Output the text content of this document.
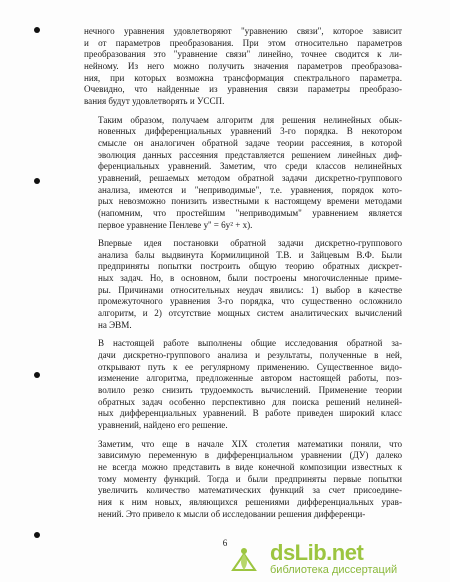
нечного уравнения удовлетворяют "уравнению связи", которое зависит
и от параметров преобразования. При этом относительно параметров
преобразования это "уравнение связи" линейно, точнее сводится к ли-
нейному. Из него можно получить значения параметров преобразова-
ния, при которых возможна трансформация спектрального параметра.
Очевидно, что найденные из уравнения связи параметры преобразо-
вания будут удовлетворять и УССП.

Таким образом, получаем алгоритм для решения нелинейных обык-
новенных дифференциальных уравнений 3-го порядка. В некотором
смысле он аналогичен обратной задаче теории рассеяния, в которой
эволюция данных рассеяния представляется решением линейных диф-
ференциальных уравнений. Заметим, что среди классов нелинейных
уравнений, решаемых методом обратной задачи дискретно-группового
анализа, имеются и "неприводимые", т.е. уравнения, порядок кото-
рых невозможно понизить известными к настоящему времени методами
(напомним, что простейшим "неприводимым" уравнением является
первое уравнение Пенлеве y'' = 6y² + x).

Впервые идея постановки обратной задачи дискретно-группового
анализа балы выдвинута Кормилициной Т.В. и Зайцевым В.Ф. Были
предприняты попытки построить общую теорию обратных дискрет-
ных задач. Но, в основном, были построены многочисленные приме-
ры. Причинами относительных неудач явились: 1) выбор в качестве
промежуточного уравнения 3-го порядка, что существенно осложнило
алгоритм, и 2) отсутствие мощных систем аналитических вычислений
на ЭВМ.

В настоящей работе выполнены общие исследования обратной за-
дачи дискретно-группового анализа и результаты, полученные в ней,
открывают путь к ее регулярному применению. Существенное видо-
изменение алгоритма, предложенные автором настоящей работы, поз-
волило резко снизить трудоемкость вычислений. Применение теории
обратных задач особенно перспективно для поиска решений нелиней-
ных дифференциальных уравнений. В работе приведен широкий класс
уравнений, найдено его решение.

Заметим, что еще в начале XIX столетия математики поняли, что
зависимую переменную в дифференциальном уравнении (ДУ) далеко
не всегда можно представить в виде конечной композиции известных к
тому моменту функций. Тогда и были предприняты первые попытки
увеличить количество математических функций за счет присоедине-
ния к ним новых, являющихся решениями дифференциальных урав-
нений. Это привело к мысли об исследовании решения дифференци-

6	dsLib.net
библиотека диссертаций
